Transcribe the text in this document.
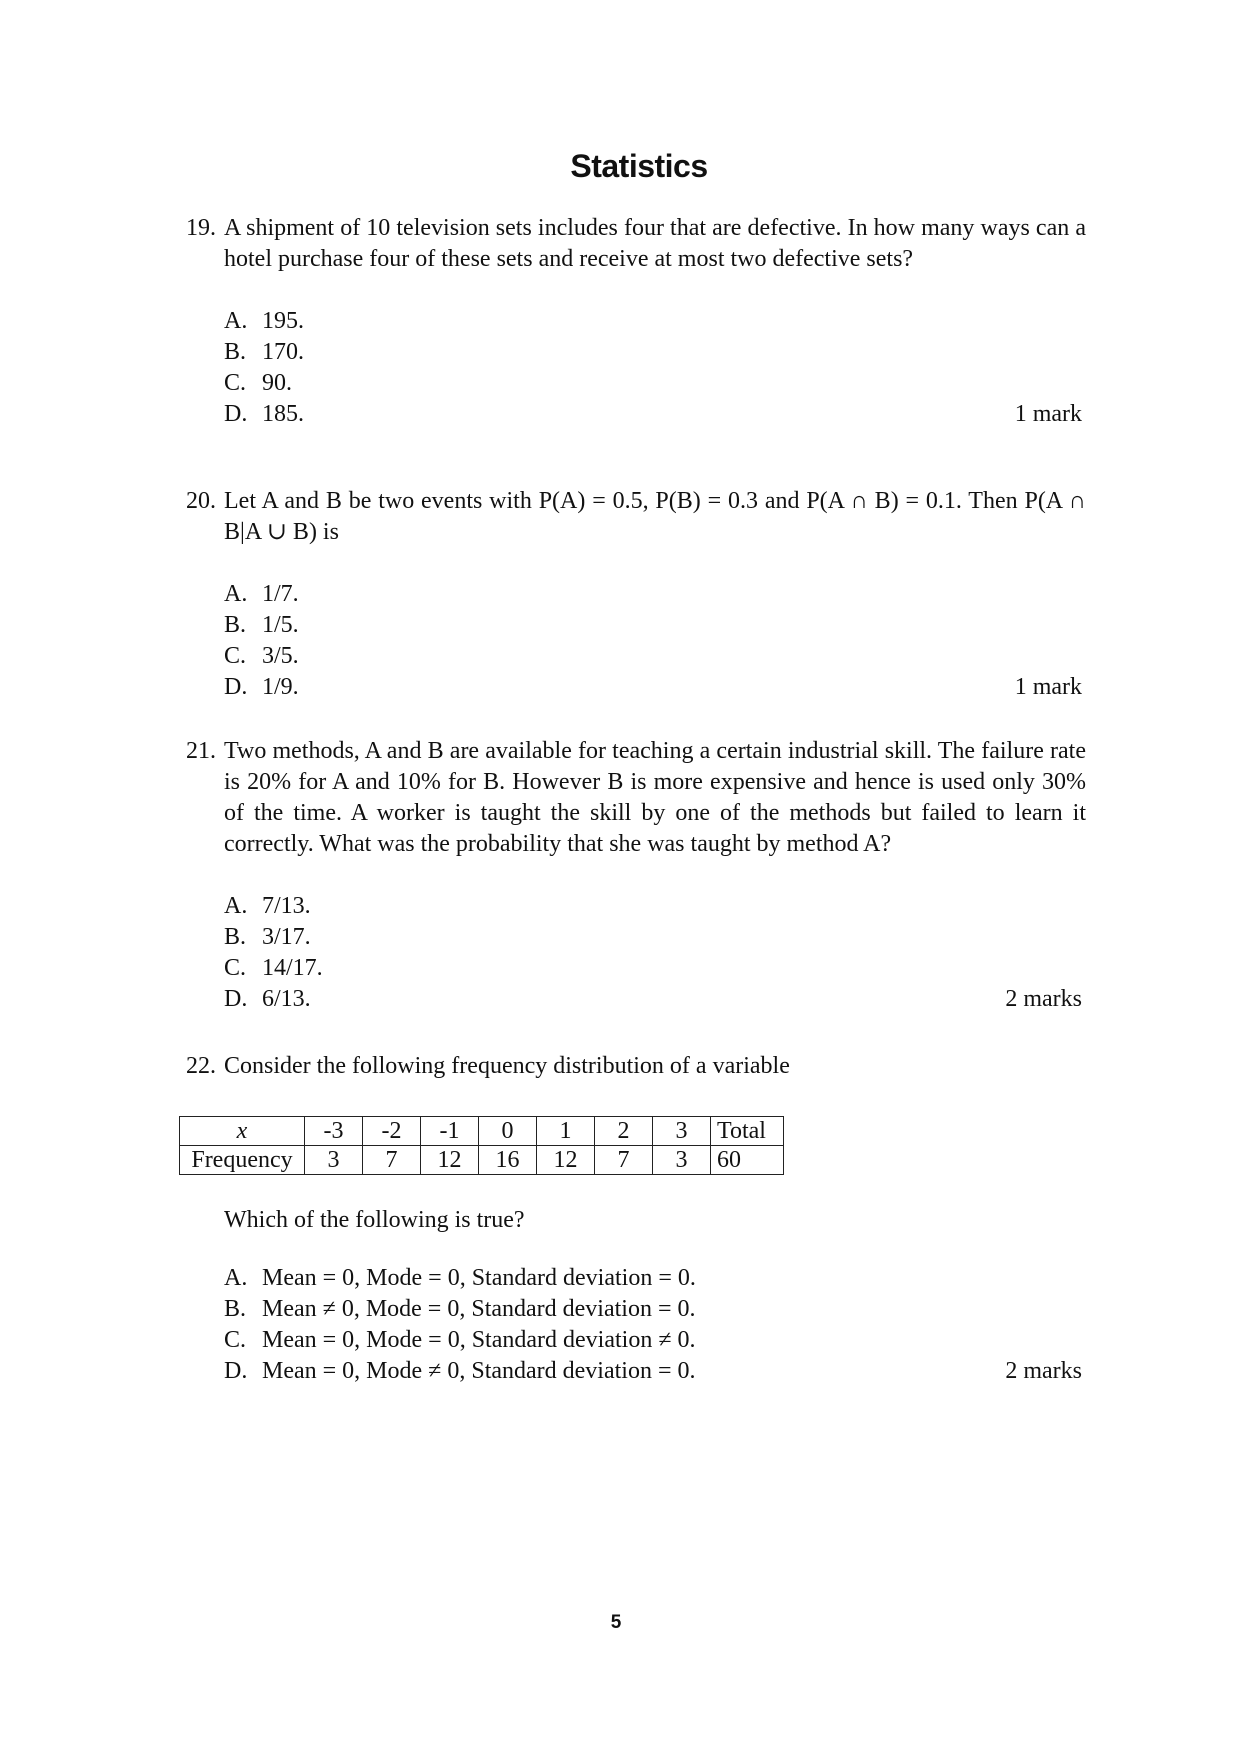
Statistics
19. A shipment of 10 television sets includes four that are defective. In how many ways can a hotel purchase four of these sets and receive at most two defective sets?
A. 195.
B. 170.
C. 90.
D. 185.	1 mark
20. Let A and B be two events with P(A) = 0.5, P(B) = 0.3 and P(A ∩ B) = 0.1. Then P(A ∩ B|A ∪ B) is
A. 1/7.
B. 1/5.
C. 3/5.
D. 1/9.	1 mark
21. Two methods, A and B are available for teaching a certain industrial skill. The failure rate is 20% for A and 10% for B. However B is more expensive and hence is used only 30% of the time. A worker is taught the skill by one of the methods but failed to learn it correctly. What was the probability that she was taught by method A?
A. 7/13.
B. 3/17.
C. 14/17.
D. 6/13.	2 marks
22. Consider the following frequency distribution of a variable
x	-3	-2	-1	0	1	2	3	Total
Frequency	3	7	12	16	12	7	3	60
Which of the following is true?
A. Mean = 0, Mode = 0, Standard deviation = 0.
B. Mean ≠ 0, Mode = 0, Standard deviation = 0.
C. Mean = 0, Mode = 0, Standard deviation ≠ 0.
D. Mean = 0, Mode ≠ 0, Standard deviation = 0.	2 marks
5
